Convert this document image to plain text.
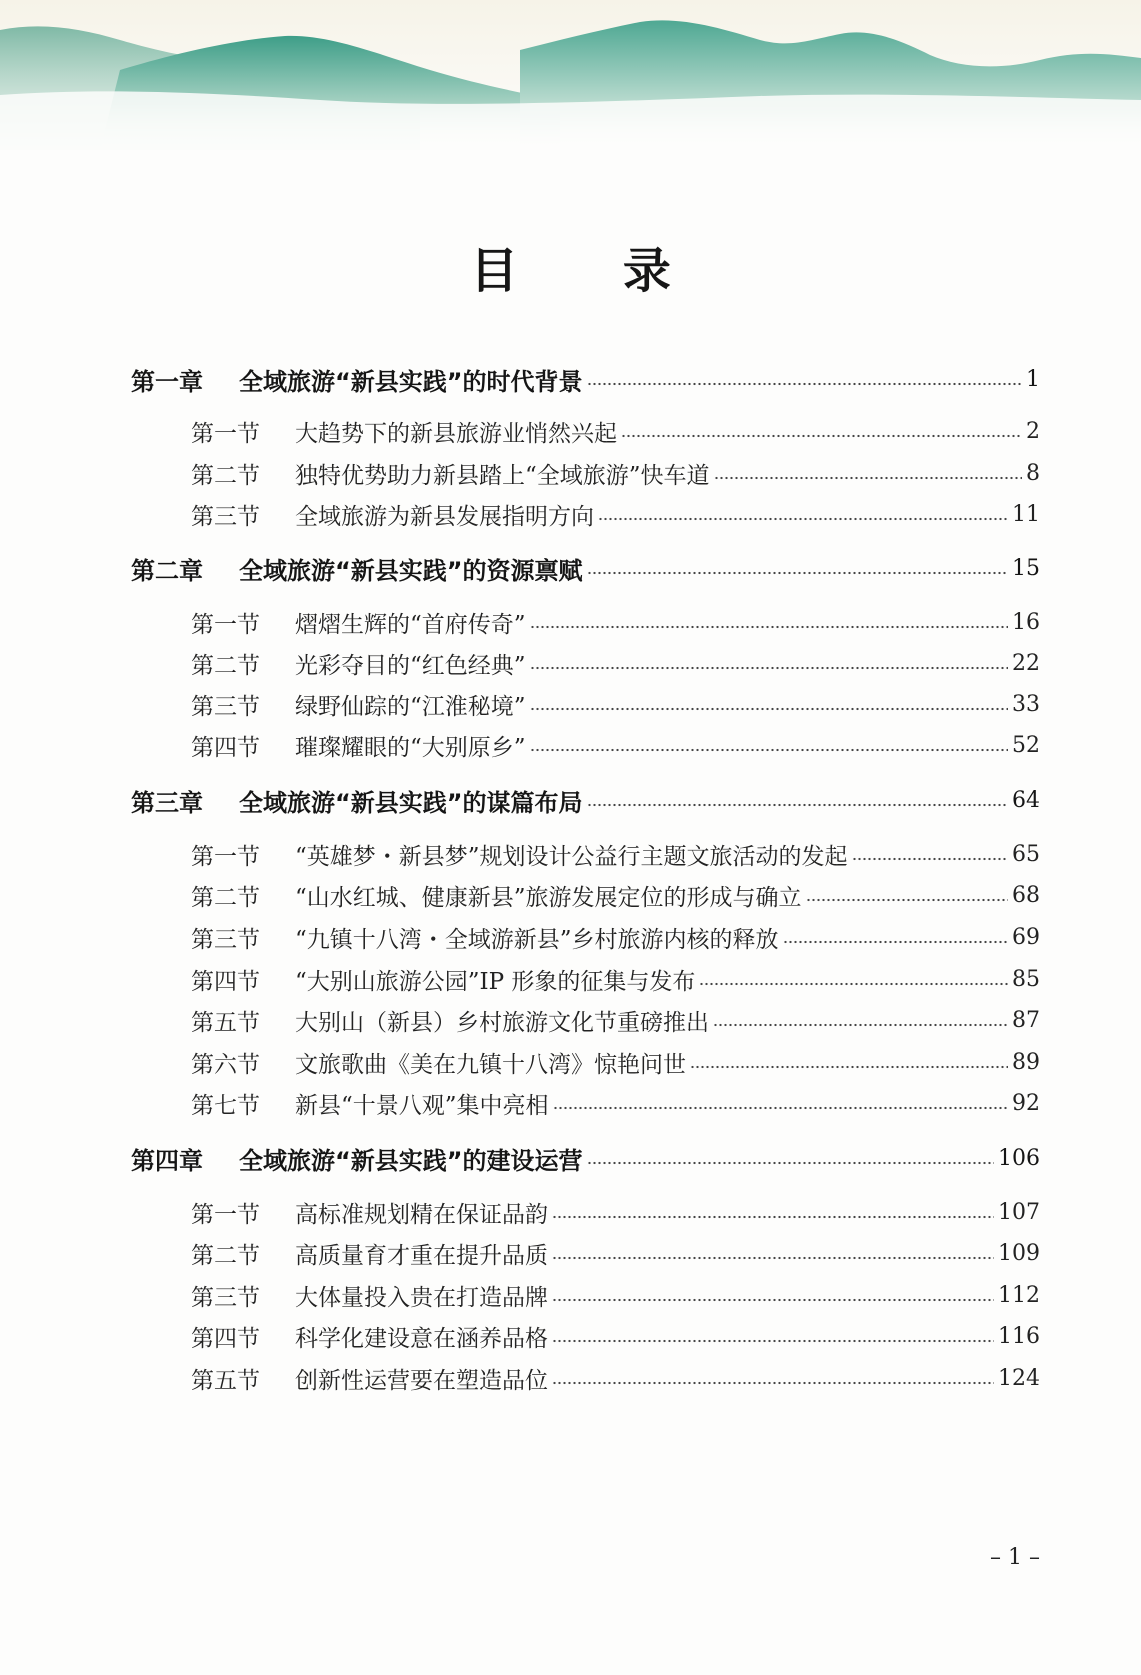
目 录
第一章	全域旅游“新县实践”的时代背景	1
第一节	大趋势下的新县旅游业悄然兴起	2
第二节	独特优势助力新县踏上“全域旅游”快车道	8
第三节	全域旅游为新县发展指明方向	11
第二章	全域旅游“新县实践”的资源禀赋	15
第一节	熠熠生辉的“首府传奇”	16
第二节	光彩夺目的“红色经典”	22
第三节	绿野仙踪的“江淮秘境”	33
第四节	璀璨耀眼的“大别原乡”	52
第三章	全域旅游“新县实践”的谋篇布局	64
第一节	“英雄梦・新县梦”规划设计公益行主题文旅活动的发起	65
第二节	“山水红城、健康新县”旅游发展定位的形成与确立	68
第三节	“九镇十八湾・全域游新县”乡村旅游内核的释放	69
第四节	“大别山旅游公园”IP 形象的征集与发布	85
第五节	大别山（新县）乡村旅游文化节重磅推出	87
第六节	文旅歌曲《美在九镇十八湾》惊艳问世	89
第七节	新县“十景八观”集中亮相	92
第四章	全域旅游“新县实践”的建设运营	106
第一节	高标准规划精在保证品韵	107
第二节	高质量育才重在提升品质	109
第三节	大体量投入贵在打造品牌	112
第四节	科学化建设意在涵养品格	116
第五节	创新性运营要在塑造品位	124
– 1 –
